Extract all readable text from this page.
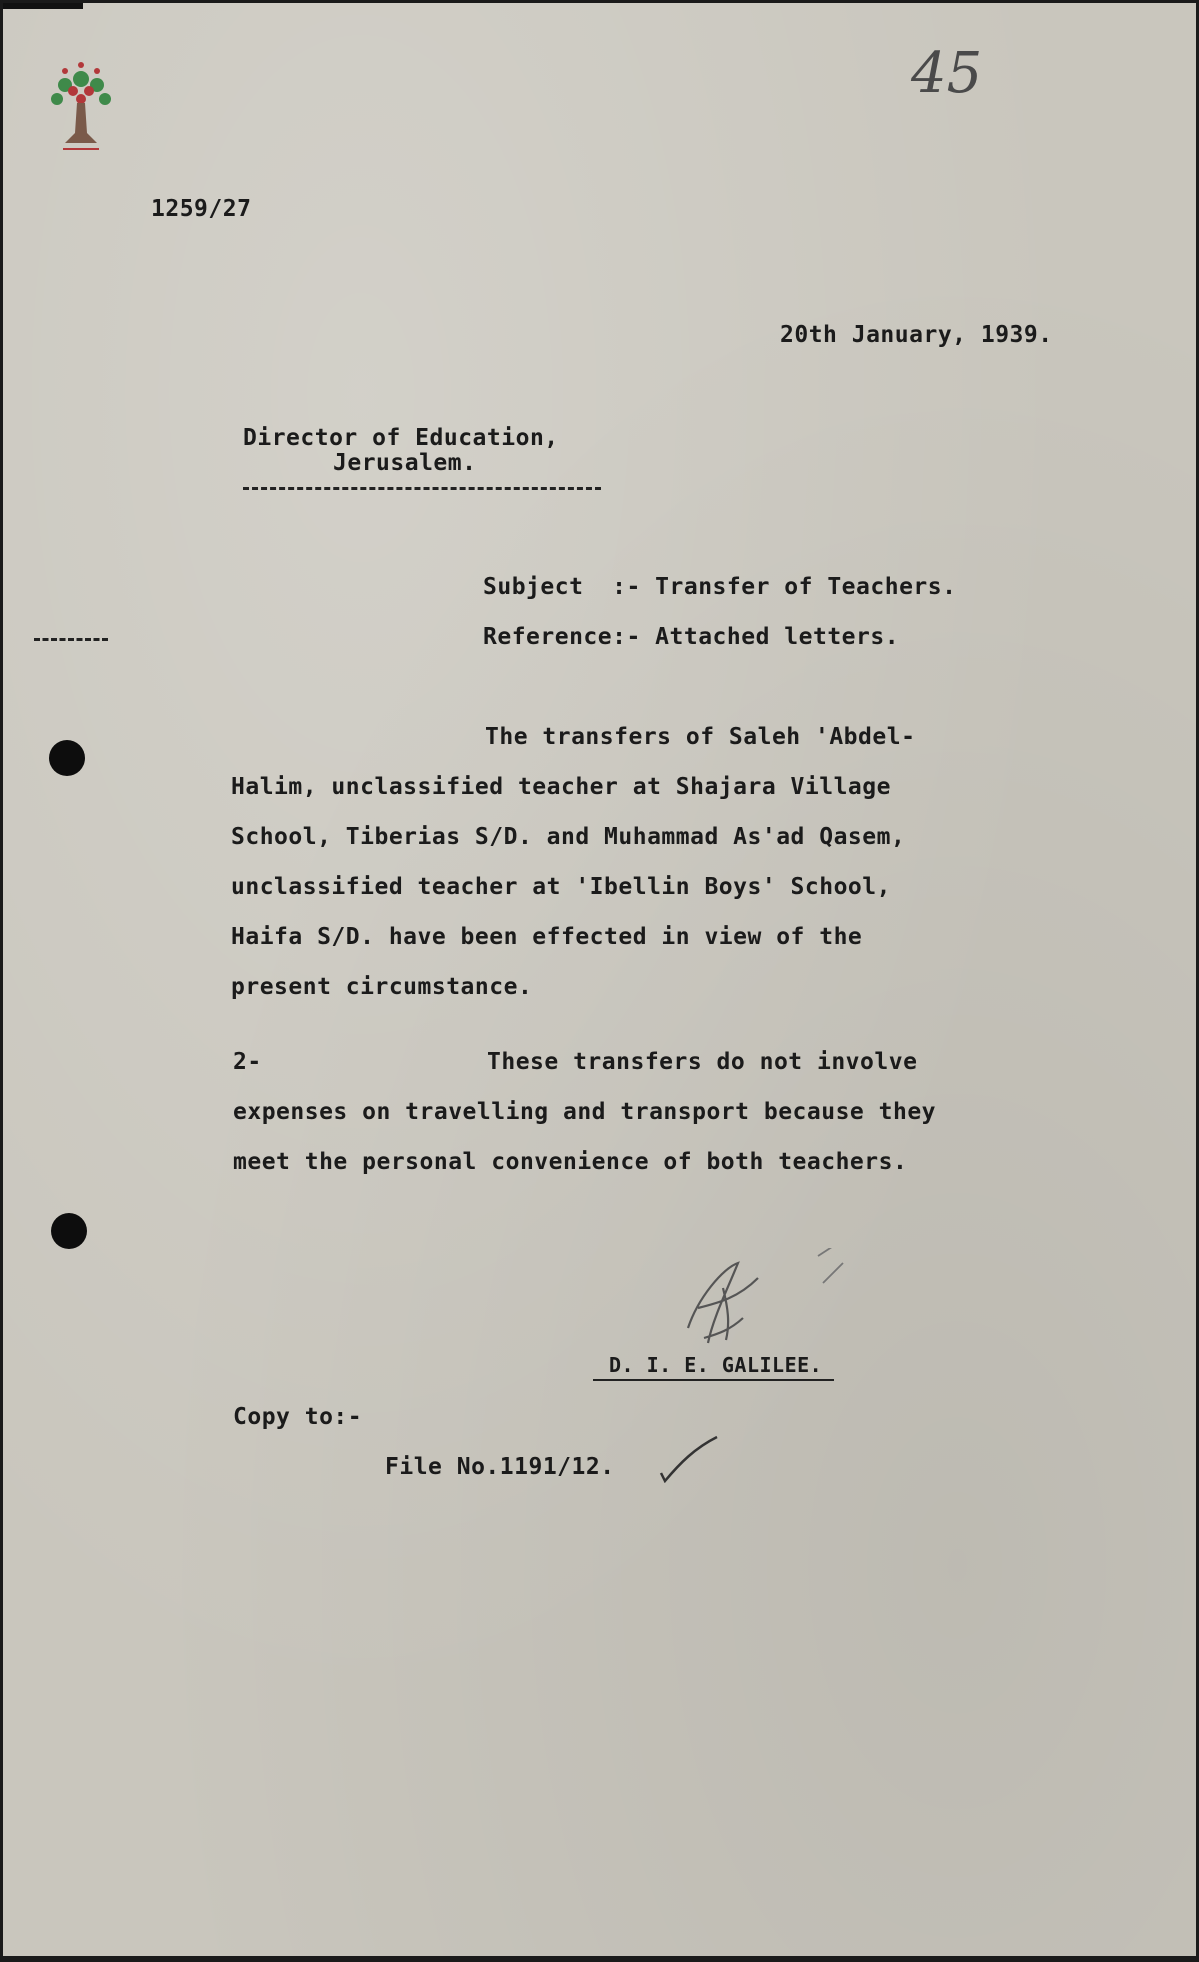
45
1259/27
20th January, 1939.
Director of Education,
Jerusalem.
Subject  :- Transfer of Teachers.
Reference:- Attached letters.
The transfers of Saleh 'Abdel-
Halim, unclassified teacher at Shajara Village
School, Tiberias S/D. and Muhammad As'ad Qasem,
unclassified teacher at 'Ibellin Boys' School,
Haifa S/D. have been effected in view of the
present circumstance.
2-	These transfers do not involve
expenses on travelling and transport because they
meet the personal convenience of both teachers.
D. I. E. GALILEE.
Copy to:-
File No.1191/12.
